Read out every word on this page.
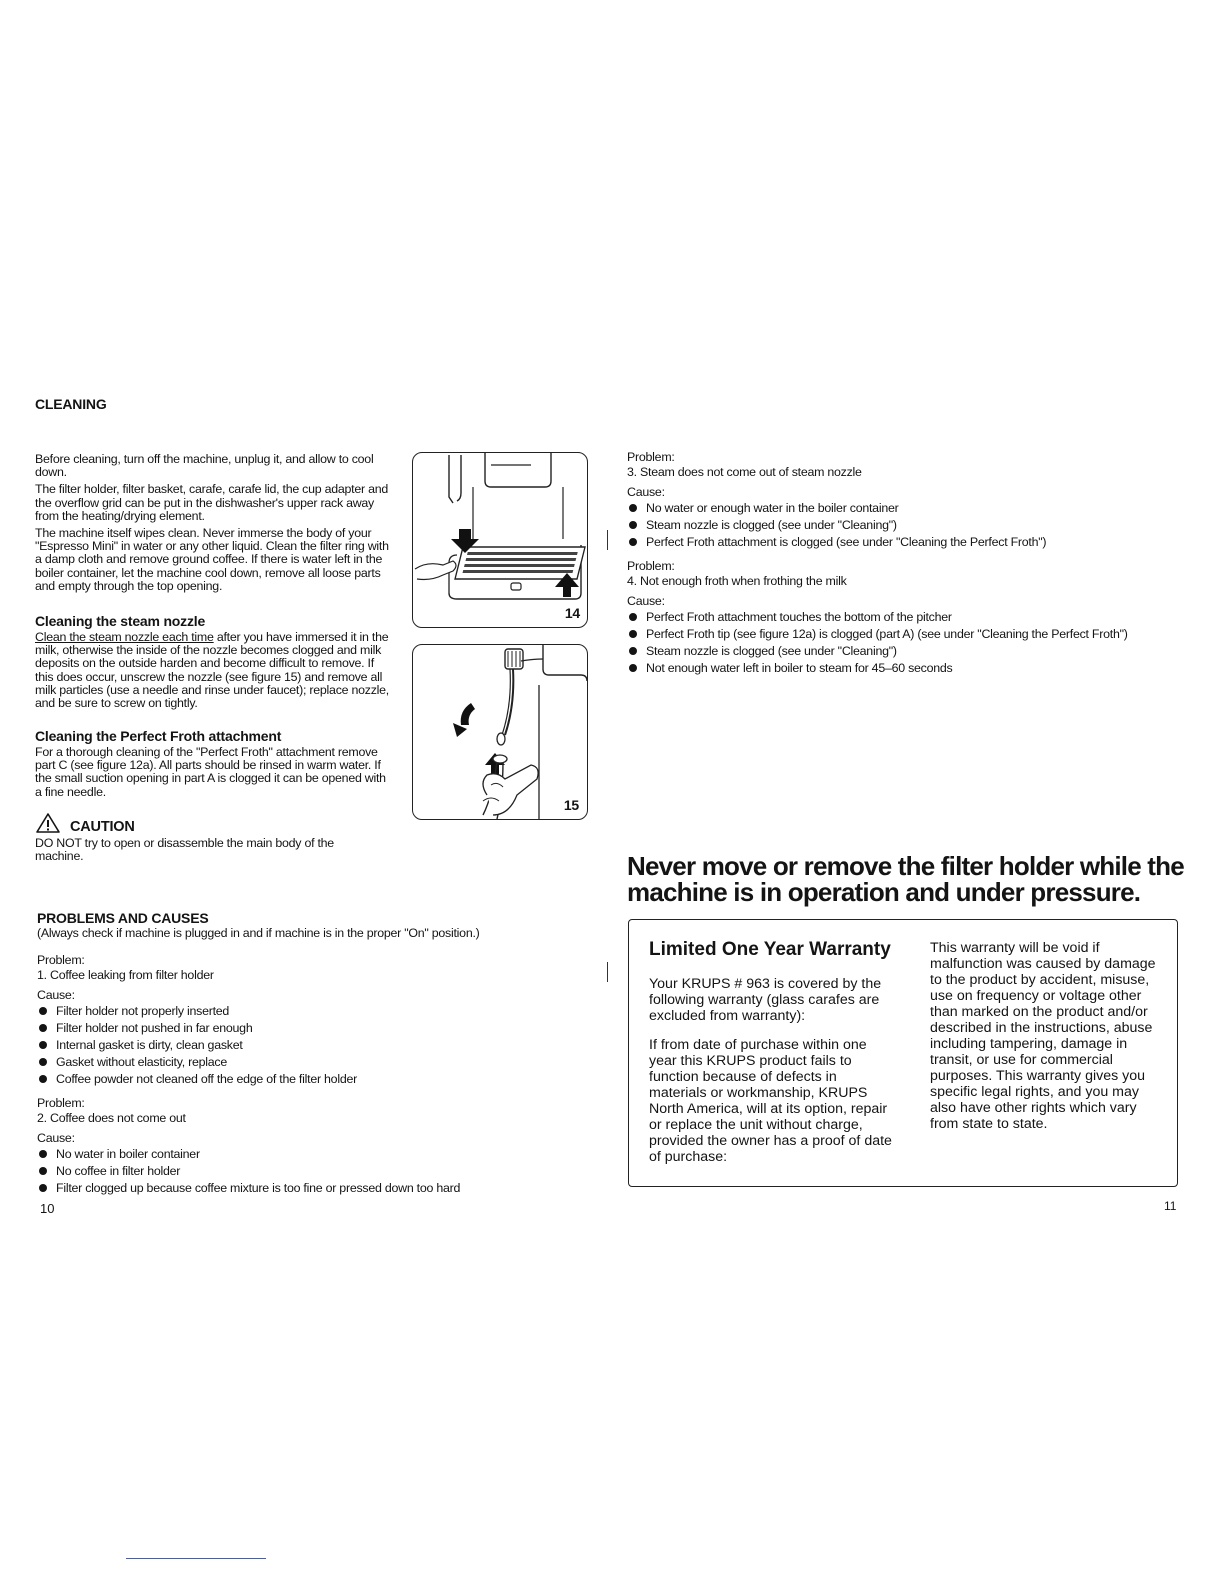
CLEANING

Before cleaning, turn off the machine, unplug it, and allow to cool down.

The filter holder, filter basket, carafe, carafe lid, the cup adapter and the overflow grid can be put in the dishwasher's upper rack away from the heating/drying element.

The machine itself wipes clean. Never immerse the body of your "Espresso Mini" in water or any other liquid. Clean the filter ring with a damp cloth and remove ground coffee. If there is water left in the boiler container, let the machine cool down, remove all loose parts and empty through the top opening.

Cleaning the steam nozzle
Clean the steam nozzle each time after you have immersed it in the milk, otherwise the inside of the nozzle becomes clogged and milk deposits on the outside harden and become difficult to remove. If this does occur, unscrew the nozzle (see figure 15) and remove all milk particles (use a needle and rinse under faucet); replace nozzle, and be sure to screw on tightly.
Cleaning the Perfect Froth attachment
For a thorough cleaning of the "Perfect Froth" attachment remove part C (see figure 12a). All parts should be rinsed in warm water. If the small suction opening in part A is clogged it can be opened with a fine needle.
CAUTION
DO NOT try to open or disassemble the main body of the machine.
14
15
PROBLEMS AND CAUSES
(Always check if machine is plugged in and if machine is in the proper "On" position.)
Problem:
1. Coffee leaking from filter holder
Cause:
Filter holder not properly inserted
Filter holder not pushed in far enough
Internal gasket is dirty, clean gasket
Gasket without elasticity, replace
Coffee powder not cleaned off the edge of the filter holder
Problem:
2. Coffee does not come out
Cause:
No water in boiler container
No coffee in filter holder
Filter clogged up because coffee mixture is too fine or pressed down too hard
10
Problem:
3. Steam does not come out of steam nozzle
Cause:
No water or enough water in the boiler container
Steam nozzle is clogged (see under "Cleaning")
Perfect Froth attachment is clogged (see under "Cleaning the Perfect Froth")
Problem:
4. Not enough froth when frothing the milk
Cause:
Perfect Froth attachment touches the bottom of the pitcher
Perfect Froth tip (see figure 12a) is clogged (part A) (see under "Cleaning the Perfect Froth")
Steam nozzle is clogged (see under "Cleaning")
Not enough water left in boiler to steam for 45–60 seconds
Never move or remove the filter holder while the
machine is in operation and under pressure.
Limited One Year Warranty
Your KRUPS # 963 is covered by the following warranty (glass carafes are excluded from warranty):
If from date of purchase within one year this KRUPS product fails to function because of defects in materials or workmanship, KRUPS North America, will at its option, repair or replace the unit without charge, provided the owner has a proof of date of purchase:
This warranty will be void if malfunction was caused by damage to the product by accident, misuse, use on frequency or voltage other than marked on the product and/or described in the instructions, abuse including tampering, damage in transit, or use for commercial purposes. This warranty gives you specific legal rights, and you may also have other rights which vary from state to state.
11
